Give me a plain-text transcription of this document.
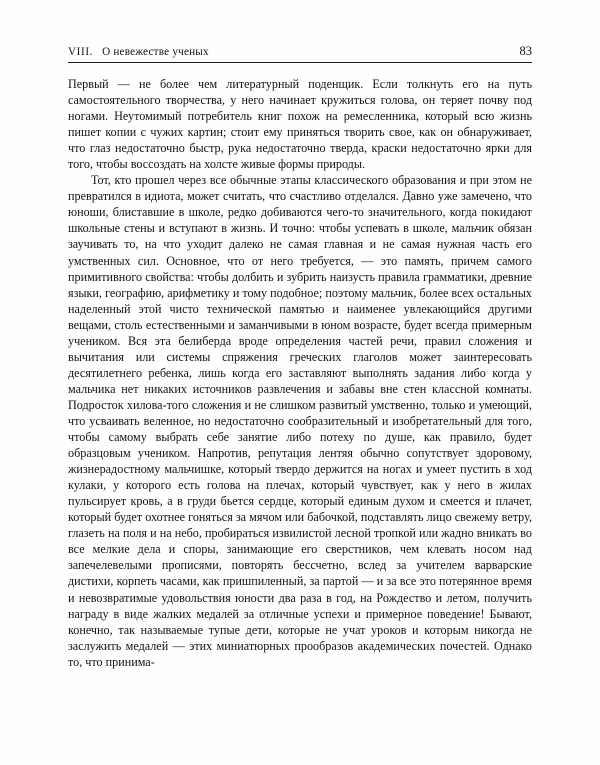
VIII. О невежестве ученых	83

Первый — не более чем литературный поденщик. Если толкнуть его на путь самостоятельного творчества, у него начинает кружиться голова, он теряет почву под ногами. Неутомимый потребитель книг похож на ремесленника, который всю жизнь пишет копии с чужих картин; стоит ему приняться творить свое, как он обнаруживает, что глаз недостаточно быстр, рука недостаточно тверда, краски недостаточно ярки для того, чтобы воссоздать на холсте живые формы природы.

Тот, кто прошел через все обычные этапы классического образования и при этом не превратился в идиота, может считать, что счастливо отделался. Давно уже замечено, что юноши, блиставшие в школе, редко добиваются чего-то значительного, когда покидают школьные стены и вступают в жизнь. И точно: чтобы успевать в школе, мальчик обязан заучивать то, на что уходит далеко не самая главная и не самая нужная часть его умственных сил. Основное, что от него требуется, — это память, причем самого примитивного свойства: чтобы долбить и зубрить наизусть правила грамматики, древние языки, географию, арифметику и тому подобное; поэтому мальчик, более всех остальных наделенный этой чисто технической памятью и наименее увлекающийся другими вещами, столь естественными и заманчивыми в юном возрасте, будет всегда примерным учеником. Вся эта белиберда вроде определения частей речи, правил сложения и вычитания или системы спряжения греческих глаголов может заинтересовать десятилетнего ребенка, лишь когда его заставляют выполнять задания либо когда у мальчика нет никаких источников развлечения и забавы вне стен классной комнаты. Подросток хилова-того сложения и не слишком развитый умственно, только и умеющий, что усваивать веленное, но недостаточно сообразительный и изобретательный для того, чтобы самому выбрать себе занятие либо потеху по душе, как правило, будет образцовым учеником. Напротив, репутация лентяя обычно сопутствует здоровому, жизнерадостному мальчишке, который твердо держится на ногах и умеет пустить в ход кулаки, у которого есть голова на плечах, который чувствует, как у него в жилах пульсирует кровь, а в груди бьется сердце, который единым духом и смеется и плачет, который будет охотнее гоняться за мячом или бабочкой, подставлять лицо свежему ветру, глазеть на поля и на небо, пробираться извилистой лесной тропкой или жадно вникать во все мелкие дела и споры, занимающие его сверстников, чем клевать носом над запечелевелыми прописями, повторять бессчетно, вслед за учителем варварские дистихи, корпеть часами, как пришпиленный, за партой — и за все это потерянное время и невозвратимые удовольствия юности два раза в год, на Рождество и летом, получить награду в виде жалких медалей за отличные успехи и примерное поведение! Бывают, конечно, так называемые тупые дети, которые не учат уроков и которым никогда не заслужить медалей — этих миниатюрных прообразов академических почестей. Однако то, что принима-
